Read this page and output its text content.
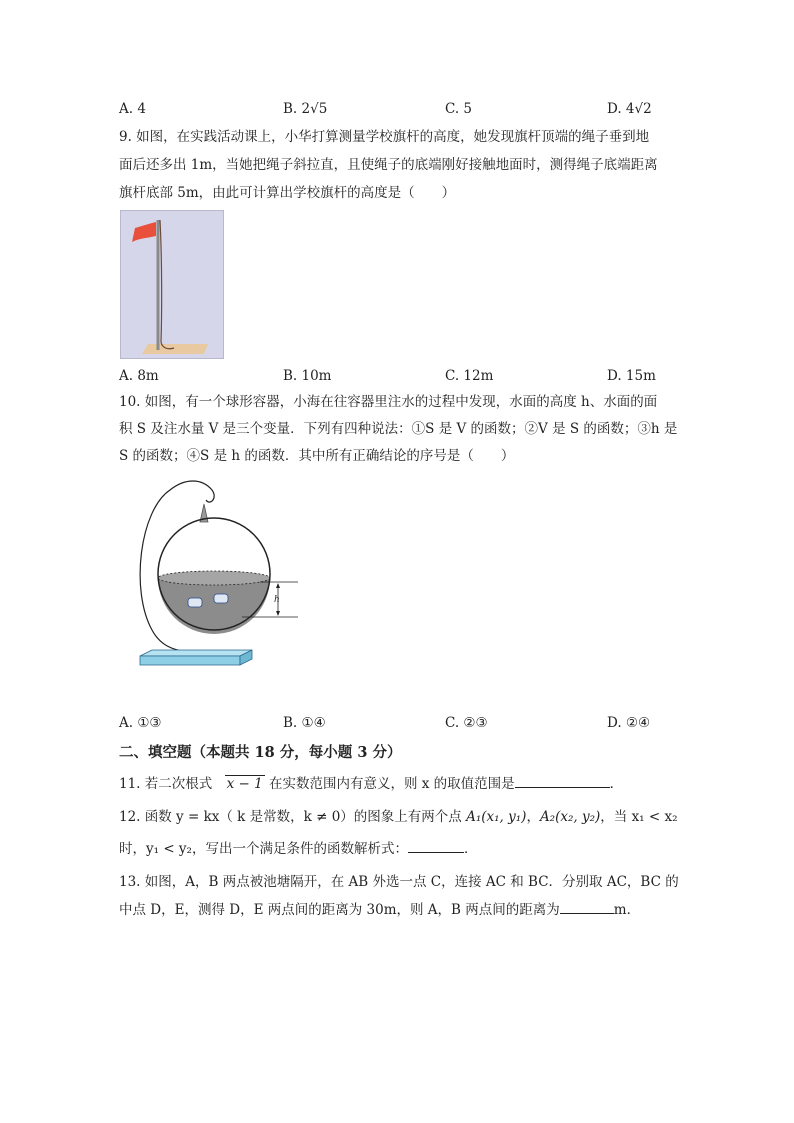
A. 4	B. 2√5	C. 5	D. 4√2
9. 如图，在实践活动课上，小华打算测量学校旗杆的高度，她发现旗杆顶端的绳子垂到地
面后还多出 1m，当她把绳子斜拉直，且使绳子的底端刚好接触地面时，测得绳子底端距离
旗杆底部 5m，由此可计算出学校旗杆的高度是（　　）
A. 8m	B. 10m	C. 12m	D. 15m
10. 如图，有一个球形容器，小海在往容器里注水的过程中发现，水面的高度 h、水面的面
积 S 及注水量 V 是三个变量．下列有四种说法：①S 是 V 的函数；②V 是 S 的函数；③h 是
S 的函数；④S 是 h 的函数．其中所有正确结论的序号是（　　）
h
A. ①③	B. ①④	C. ②③	D. ②④
二、填空题（本题共 18 分，每小题 3 分）
11. 若二次根式 x − 1 在实数范围内有意义，则 x 的取值范围是	．
12. 函数 y = kx（ k 是常数，k ≠ 0）的图象上有两个点 A₁(x₁, y₁)，A₂(x₂, y₂)，当 x₁ < x₂
时，y₁ < y₂，写出一个满足条件的函数解析式：	．
13. 如图，A，B 两点被池塘隔开，在 AB 外选一点 C，连接 AC 和 BC．分别取 AC，BC 的
中点 D，E，测得 D，E 两点间的距离为 30m，则 A，B 两点间的距离为	m．
